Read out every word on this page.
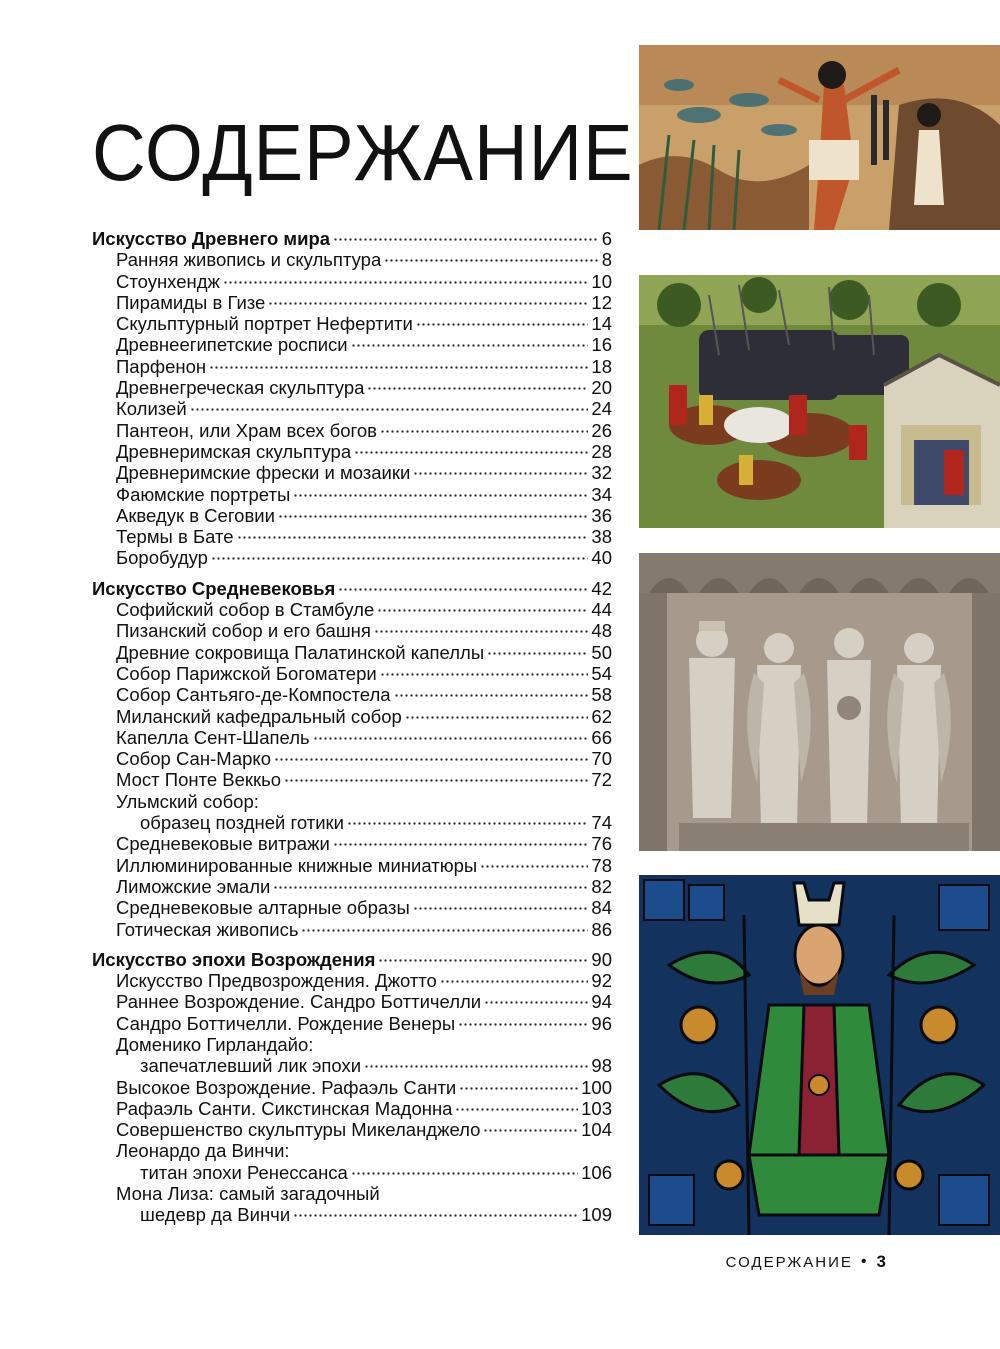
СОДЕРЖАНИЕ
Искусство Древнего мира	6
Ранняя живопись и скульптура	8
Стоунхендж	10
Пирамиды в Гизе	12
Скульптурный портрет Нефертити	14
Древнеегипетские росписи	16
Парфенон	18
Древнегреческая скульптура	20
Колизей	24
Пантеон, или Храм всех богов	26
Древнеримская скульптура	28
Древнеримские фрески и мозаики	32
Фаюмские портреты	34
Акведук в Сеговии	36
Термы в Бате	38
Боробудур	40
Искусство Средневековья	42
Софийский собор в Стамбуле	44
Пизанский собор и его башня	48
Древние сокровища Палатинской капеллы	50
Собор Парижской Богоматери	54
Собор Сантьяго-де-Компостела	58
Миланский кафедральный собор	62
Капелла Сент-Шапель	66
Собор Сан-Марко	70
Мост Понте Веккьо	72
Ульмский собор:
образец поздней готики	74
Средневековые витражи	76
Иллюминированные книжные миниатюры	78
Лиможские эмали	82
Средневековые алтарные образы	84
Готическая живопись	86
Искусство эпохи Возрождения	90
Искусство Предвозрождения. Джотто	92
Раннее Возрождение. Сандро Боттичелли	94
Сандро Боттичелли. Рождение Венеры	96
Доменико Гирландайо:
запечатлевший лик эпохи	98
Высокое Возрождение. Рафаэль Санти	100
Рафаэль Санти. Сикстинская Мадонна	103
Совершенство скульптуры Микеланджело	104
Леонардо да Винчи:
титан эпохи Ренессанса	106
Мона Лиза: самый загадочный
шедевр да Винчи	109
СОДЕРЖАНИЕ • 3
